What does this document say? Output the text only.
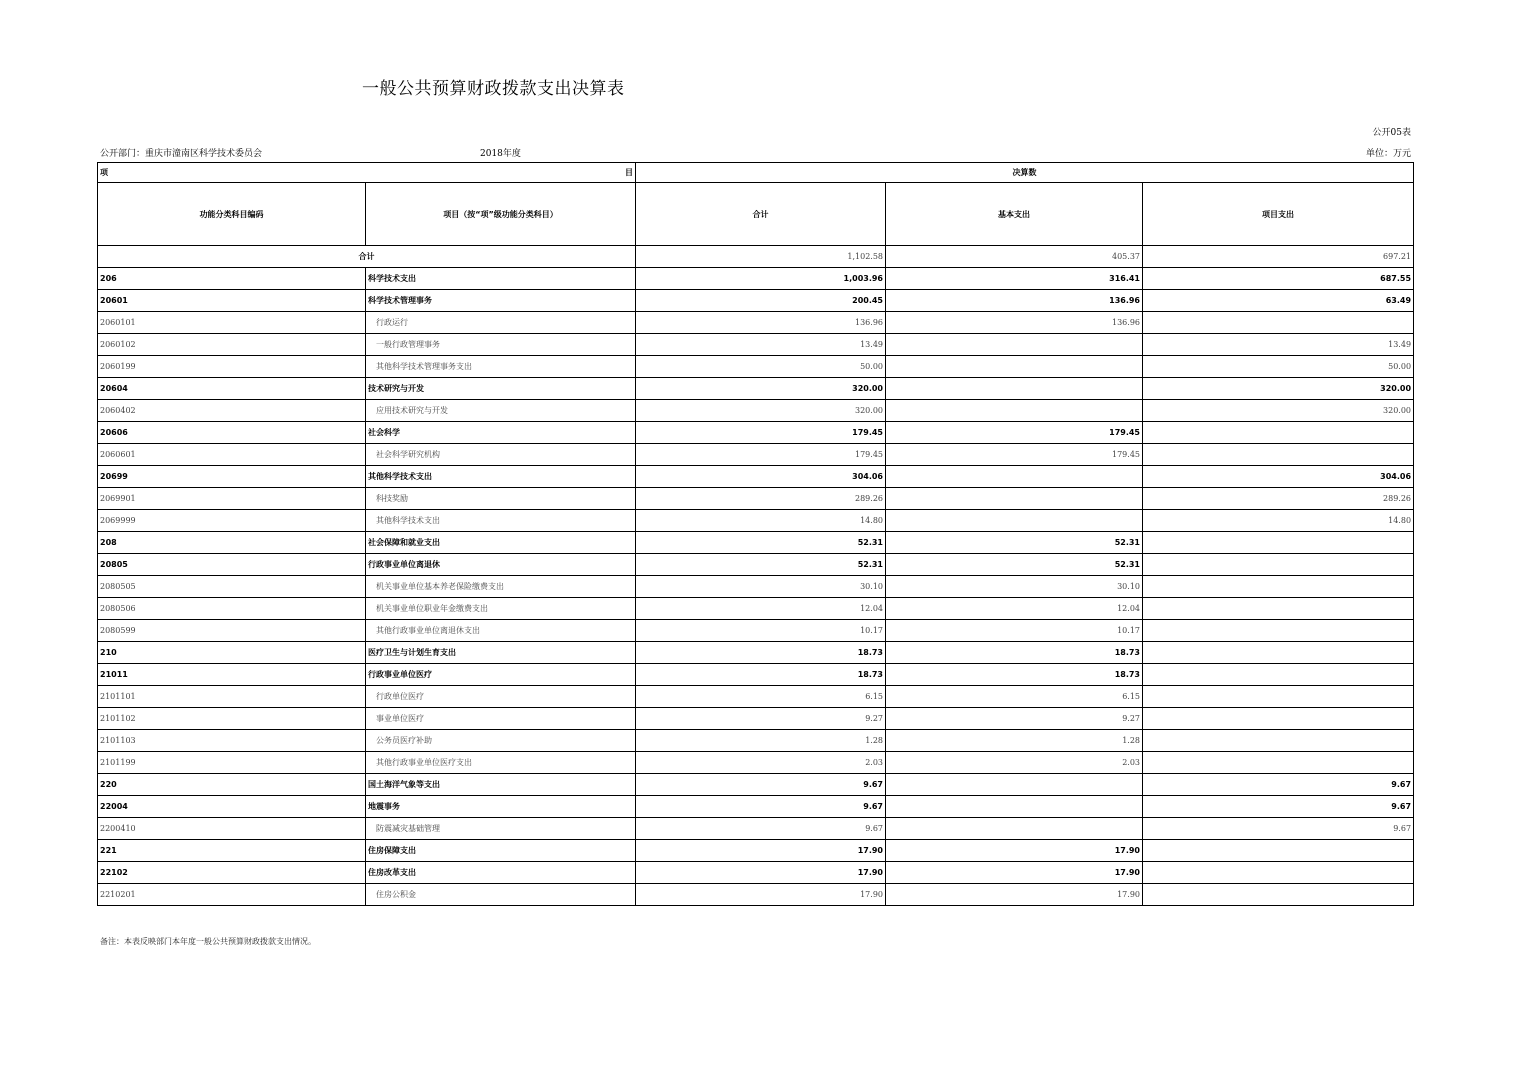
一般公共预算财政拨款支出决算表
公开05表
公开部门：重庆市潼南区科学技术委员会	2018年度	单位：万元
项 目		决算数		
功能分类科目编码	项目（按“项”级功能分类科目）	合计	基本支出	项目支出
合计		1,102.58	405.37	697.21
206	科学技术支出	1,003.96	316.41	687.55
20601	科学技术管理事务	200.45	136.96	63.49
2060101	行政运行	136.96	136.96	
2060102	一般行政管理事务	13.49		13.49
2060199	其他科学技术管理事务支出	50.00		50.00
20604	技术研究与开发	320.00		320.00
2060402	应用技术研究与开发	320.00		320.00
20606	社会科学	179.45	179.45	
2060601	社会科学研究机构	179.45	179.45	
20699	其他科学技术支出	304.06		304.06
2069901	科技奖励	289.26		289.26
2069999	其他科学技术支出	14.80		14.80
208	社会保障和就业支出	52.31	52.31	
20805	行政事业单位离退休	52.31	52.31	
2080505	机关事业单位基本养老保险缴费支出	30.10	30.10	
2080506	机关事业单位职业年金缴费支出	12.04	12.04	
2080599	其他行政事业单位离退休支出	10.17	10.17	
210	医疗卫生与计划生育支出	18.73	18.73	
21011	行政事业单位医疗	18.73	18.73	
2101101	行政单位医疗	6.15	6.15	
2101102	事业单位医疗	9.27	9.27	
2101103	公务员医疗补助	1.28	1.28	
2101199	其他行政事业单位医疗支出	2.03	2.03	
220	国土海洋气象等支出	9.67		9.67
22004	地震事务	9.67		9.67
2200410	防震减灾基础管理	9.67		9.67
221	住房保障支出	17.90	17.90	
22102	住房改革支出	17.90	17.90	
2210201	住房公积金	17.90	17.90	
备注：本表反映部门本年度一般公共预算财政拨款支出情况。
